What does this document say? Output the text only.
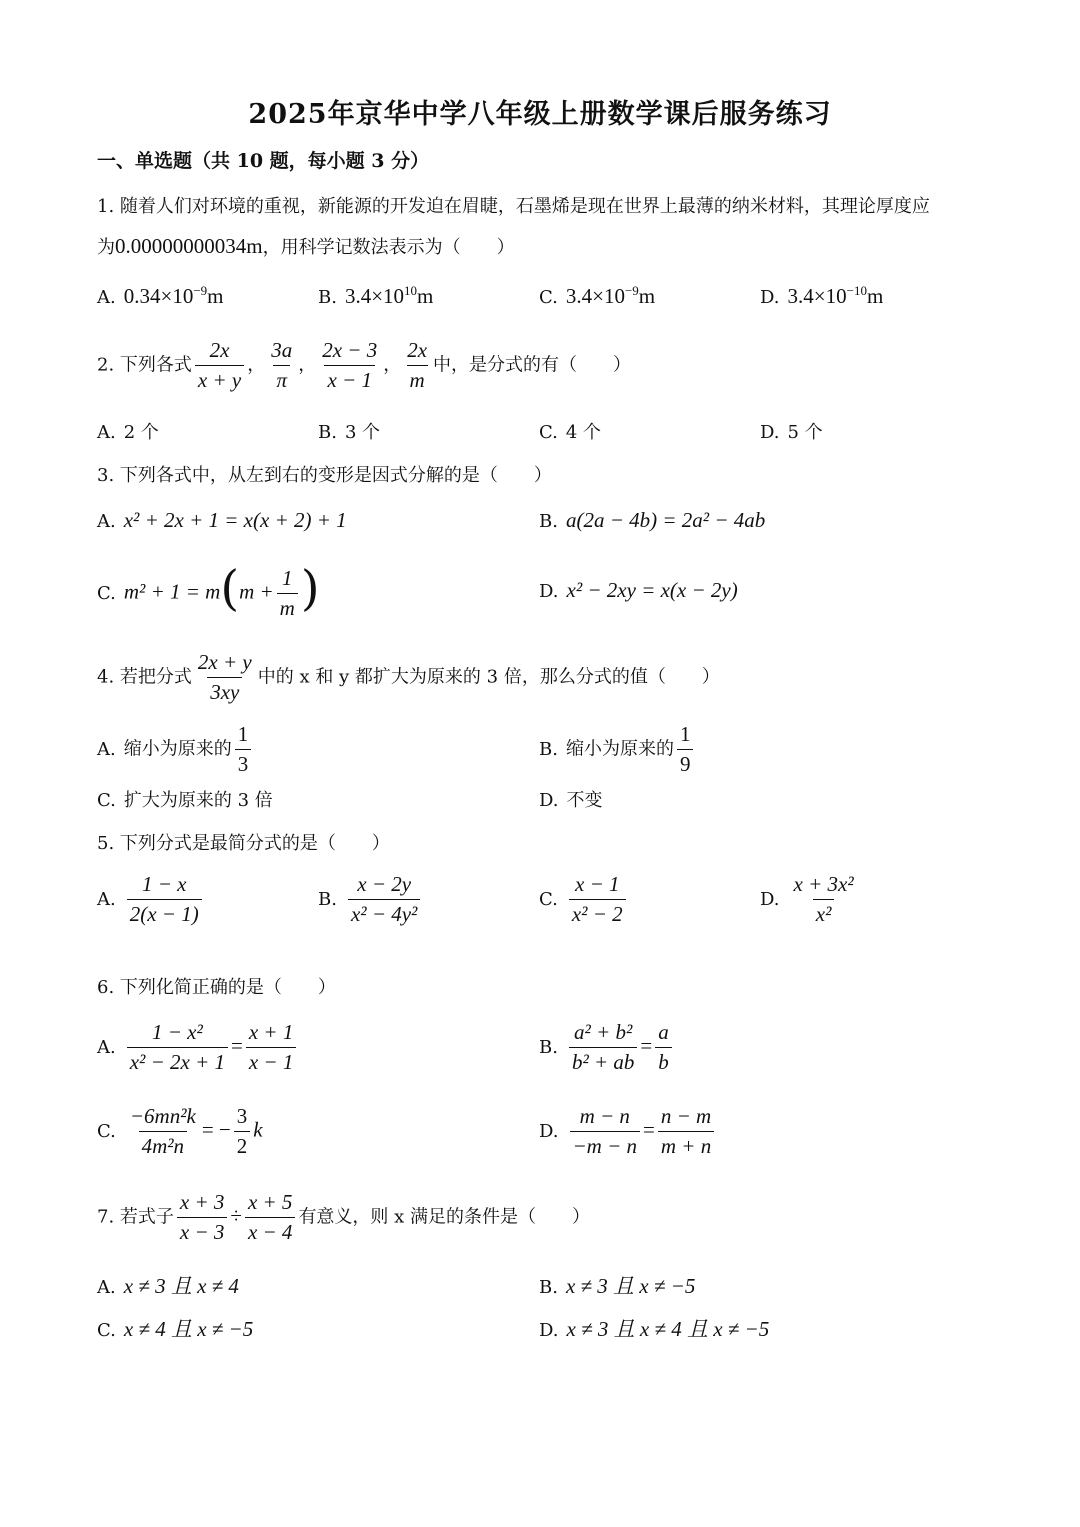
2025年京华中学八年级上册数学课后服务练习
一、单选题（共 10 题，每小题 3 分）
1. 随着人们对环境的重视，新能源的开发迫在眉睫，石墨烯是现在世界上最薄的纳米材料，其理论厚度应
为0.00000000034m，用科学记数法表示为（　　）
A. $0.34\times 10^{-9}m$	B. $3.4\times 10^{10}m$	C. $3.4\times 10^{-9}m$	D. $3.4\times 10^{-10}m$
2. 下列各式 $\frac{2x}{x + y}$ ， $\frac{3a}{\pi}$ ， $\frac{2x - 3}{x - 1}$ ， $\frac{2x}{m}$ 中，是分式的有（　　）
A. 2 个	B. 3 个	C. 4 个	D. 5 个
3. 下列各式中，从左到右的变形是因式分解的是（　　）
A. x² + 2x + 1 = x(x + 2) + 1	B. a(2a − 4b) = 2a² − 4ab
C. $m^2 + 1 = m(m + \frac{1}{m}$ )	D. x² − 2xy = x(x − 2y)
4. 若把分式 $\frac{2x + y}{3xy}$ 中的 x 和 y 都扩大为原来的 3 倍，那么分式的值（　　）
A. 缩小为原来的 $\frac{1}{3}$	B. 缩小为原来的 $\frac{1}{9}$
C. 扩大为原来的 3 倍	D. 不变
5. 下列分式是最简分式的是（　　）
A. $\frac{1 - x}{2(x - 1)}$	B. $\frac{x - 2y}{\text{x² − 4y²}}$	C. $\frac{x - 1}{\text{x² − 2}}$	D. $\frac{\text{x + 3x²}}{\text{x²}}$
6. 下列化简正确的是（　　）
A. $\frac{\text{1 − x²}}{\text{x² − 2x + 1}} = \frac{x + 1}{x - 1}$	B. $\frac{\text{a² + b²}}{\text{b² + ab}} = \frac{a}{b}$
C. $\frac{\text{−6mn²k}}{\text{4m²n}}$ = − $\frac{3}{2}$ k	D. $\frac{m - n}{-m - n} = \frac{n - m}{m + n}$
7. 若式子 $\frac{x + 3}{x - 3} \div \frac{x + 5}{x - 4}$ 有意义，则 x 满足的条件是（　　）
A. x ≠ 3 且 x ≠ 4	B. x ≠ 3 且 x ≠ −5
C. x ≠ 4 且 x ≠ −5	D. x ≠ 3 且 x ≠ 4 且 x ≠ −5
